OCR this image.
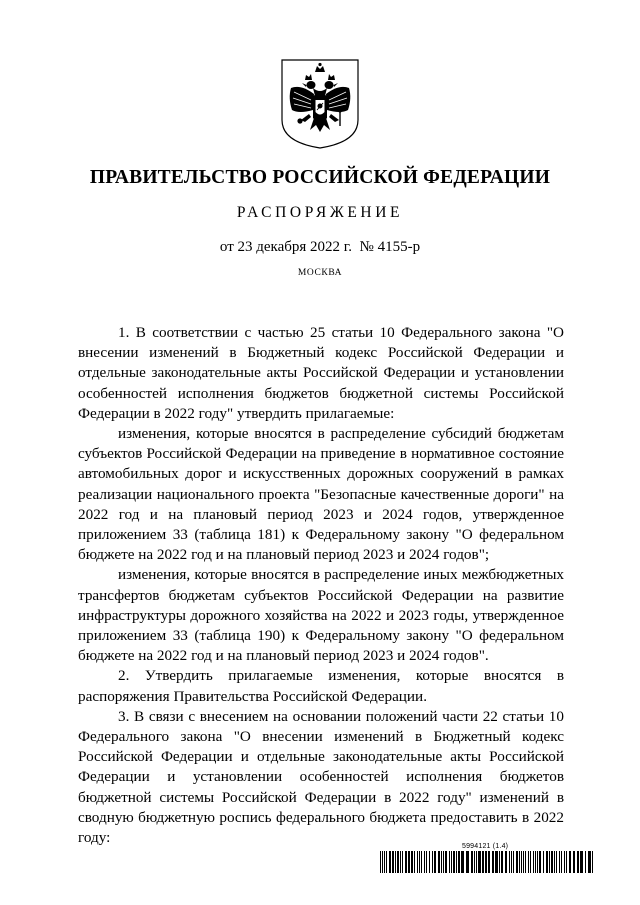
ПРАВИТЕЛЬСТВО РОССИЙСКОЙ ФЕДЕРАЦИИ
РАСПОРЯЖЕНИЕ
от 23 декабря 2022 г.  № 4155-р
МОСКВА

1. В соответствии с частью 25 статьи 10 Федерального закона "О внесении изменений в Бюджетный кодекс Российской Федерации и отдельные законодательные акты Российской Федерации и установлении особенностей исполнения бюджетов бюджетной системы Российской Федерации в 2022 году" утвердить прилагаемые:

изменения, которые вносятся в распределение субсидий бюджетам субъектов Российской Федерации на приведение в нормативное состояние автомобильных дорог и искусственных дорожных сооружений в рамках реализации национального проекта "Безопасные качественные дороги" на 2022 год и на плановый период 2023 и 2024 годов, утвержденное приложением 33 (таблица 181) к Федеральному закону "О федеральном бюджете на 2022 год и на плановый период 2023 и 2024 годов";

изменения, которые вносятся в распределение иных межбюджетных трансфертов бюджетам субъектов Российской Федерации на развитие инфраструктуры дорожного хозяйства на 2022 и 2023 годы, утвержденное приложением 33 (таблица 190) к Федеральному закону "О федеральном бюджете на 2022 год и на плановый период 2023 и 2024 годов".

2. Утвердить прилагаемые изменения, которые вносятся в распоряжения Правительства Российской Федерации.

3. В связи с внесением на основании положений части 22 статьи 10 Федерального закона "О внесении изменений в Бюджетный кодекс Российской Федерации и отдельные законодательные акты Российской Федерации и установлении особенностей исполнения бюджетов бюджетной системы Российской Федерации в 2022 году" изменений в сводную бюджетную роспись федерального бюджета предоставить в 2022 году:

5994121 (1.4)
